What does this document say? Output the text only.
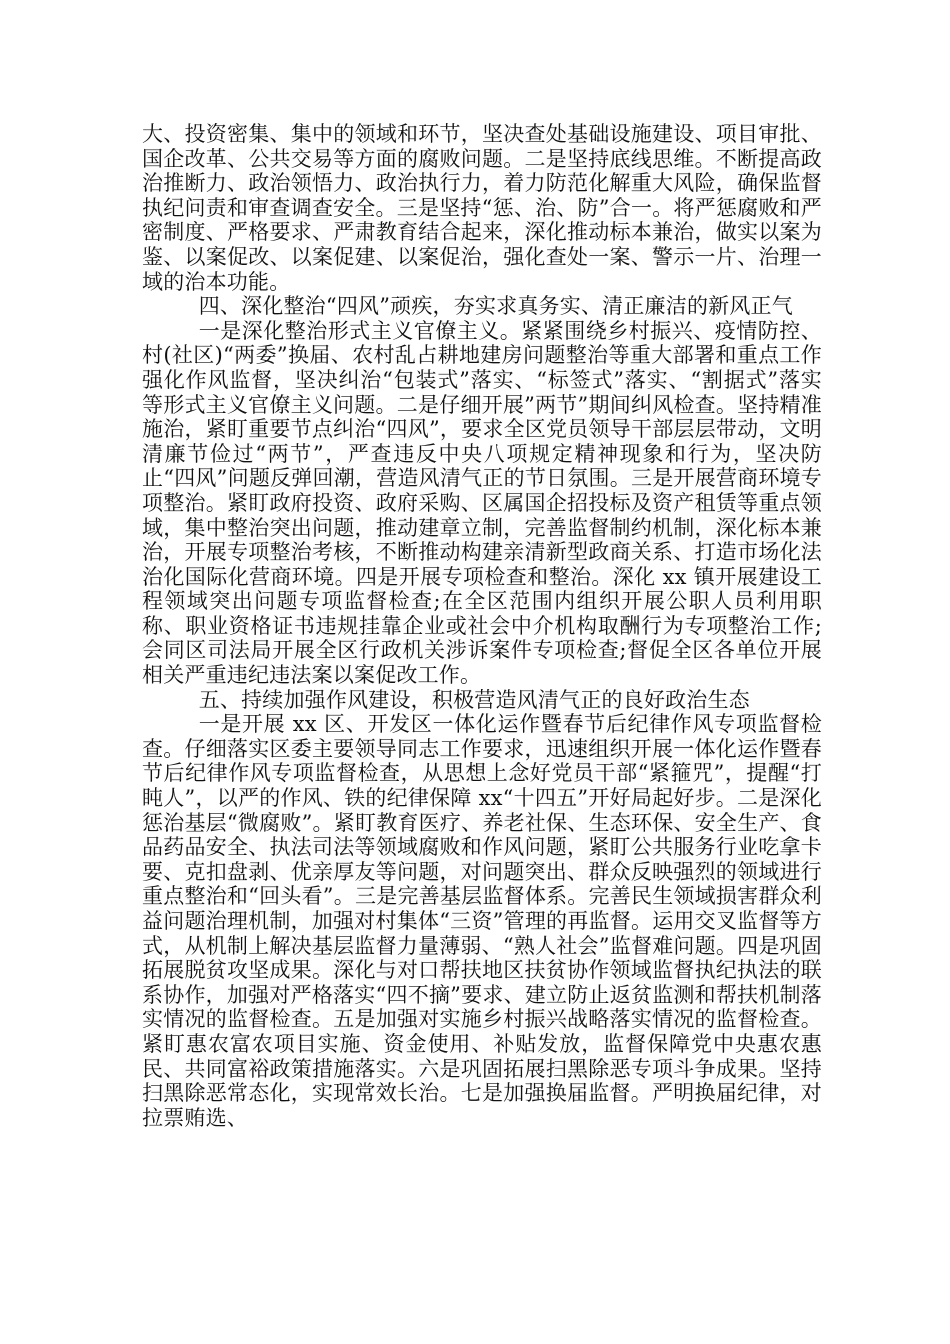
大、投资密集、集中的领域和环节，坚决查处基础设施建设、项目审批、国企改革、公共交易等方面的腐败问题。二是坚持底线思维。不断提高政治推断力、政治领悟力、政治执行力，着力防范化解重大风险，确保监督执纪问责和审查调查安全。三是坚持“惩、治、防”合一。将严惩腐败和严密制度、严格要求、严肃教育结合起来，深化推动标本兼治，做实以案为鉴、以案促改、以案促建、以案促治，强化查处一案、警示一片、治理一域的治本功能。

四、深化整治“四风”顽疾，夯实求真务实、清正廉洁的新风正气

一是深化整治形式主义官僚主义。紧紧围绕乡村振兴、疫情防控、村(社区)“两委”换届、农村乱占耕地建房问题整治等重大部署和重点工作强化作风监督，坚决纠治“包装式”落实、“标签式”落实、“割据式”落实等形式主义官僚主义问题。二是仔细开展”两节”期间纠风检查。坚持精准施治，紧盯重要节点纠治“四风”，要求全区党员领导干部层层带动，文明清廉节俭过“两节”，严查违反中央八项规定精神现象和行为，坚决防止“四风”问题反弹回潮，营造风清气正的节日氛围。三是开展营商环境专项整治。紧盯政府投资、政府采购、区属国企招投标及资产租赁等重点领域，集中整治突出问题，推动建章立制，完善监督制约机制，深化标本兼治，开展专项整治考核，不断推动构建亲清新型政商关系、打造市场化法治化国际化营商环境。四是开展专项检查和整治。深化 xx 镇开展建设工程领域突出问题专项监督检查;在全区范围内组织开展公职人员利用职称、职业资格证书违规挂靠企业或社会中介机构取酬行为专项整治工作;会同区司法局开展全区行政机关涉诉案件专项检查;督促全区各单位开展相关严重违纪违法案以案促改工作。

五、持续加强作风建设，积极营造风清气正的良好政治生态

一是开展 xx 区、开发区一体化运作暨春节后纪律作风专项监督检查。仔细落实区委主要领导同志工作要求，迅速组织开展一体化运作暨春节后纪律作风专项监督检查，从思想上念好党员干部“紧箍咒”，提醒“打盹人”，以严的作风、铁的纪律保障 xx“十四五”开好局起好步。二是深化惩治基层“微腐败”。紧盯教育医疗、养老社保、生态环保、安全生产、食品药品安全、执法司法等领域腐败和作风问题，紧盯公共服务行业吃拿卡要、克扣盘剥、优亲厚友等问题，对问题突出、群众反映强烈的领域进行重点整治和“回头看”。三是完善基层监督体系。完善民生领域损害群众利益问题治理机制，加强对村集体“三资”管理的再监督。运用交叉监督等方式，从机制上解决基层监督力量薄弱、“熟人社会”监督难问题。四是巩固拓展脱贫攻坚成果。深化与对口帮扶地区扶贫协作领域监督执纪执法的联系协作，加强对严格落实“四不摘”要求、建立防止返贫监测和帮扶机制落实情况的监督检查。五是加强对实施乡村振兴战略落实情况的监督检查。紧盯惠农富农项目实施、资金使用、补贴发放，监督保障党中央惠农惠民、共同富裕政策措施落实。六是巩固拓展扫黑除恶专项斗争成果。坚持扫黑除恶常态化，实现常效长治。七是加强换届监督。严明换届纪律，对拉票贿选、
